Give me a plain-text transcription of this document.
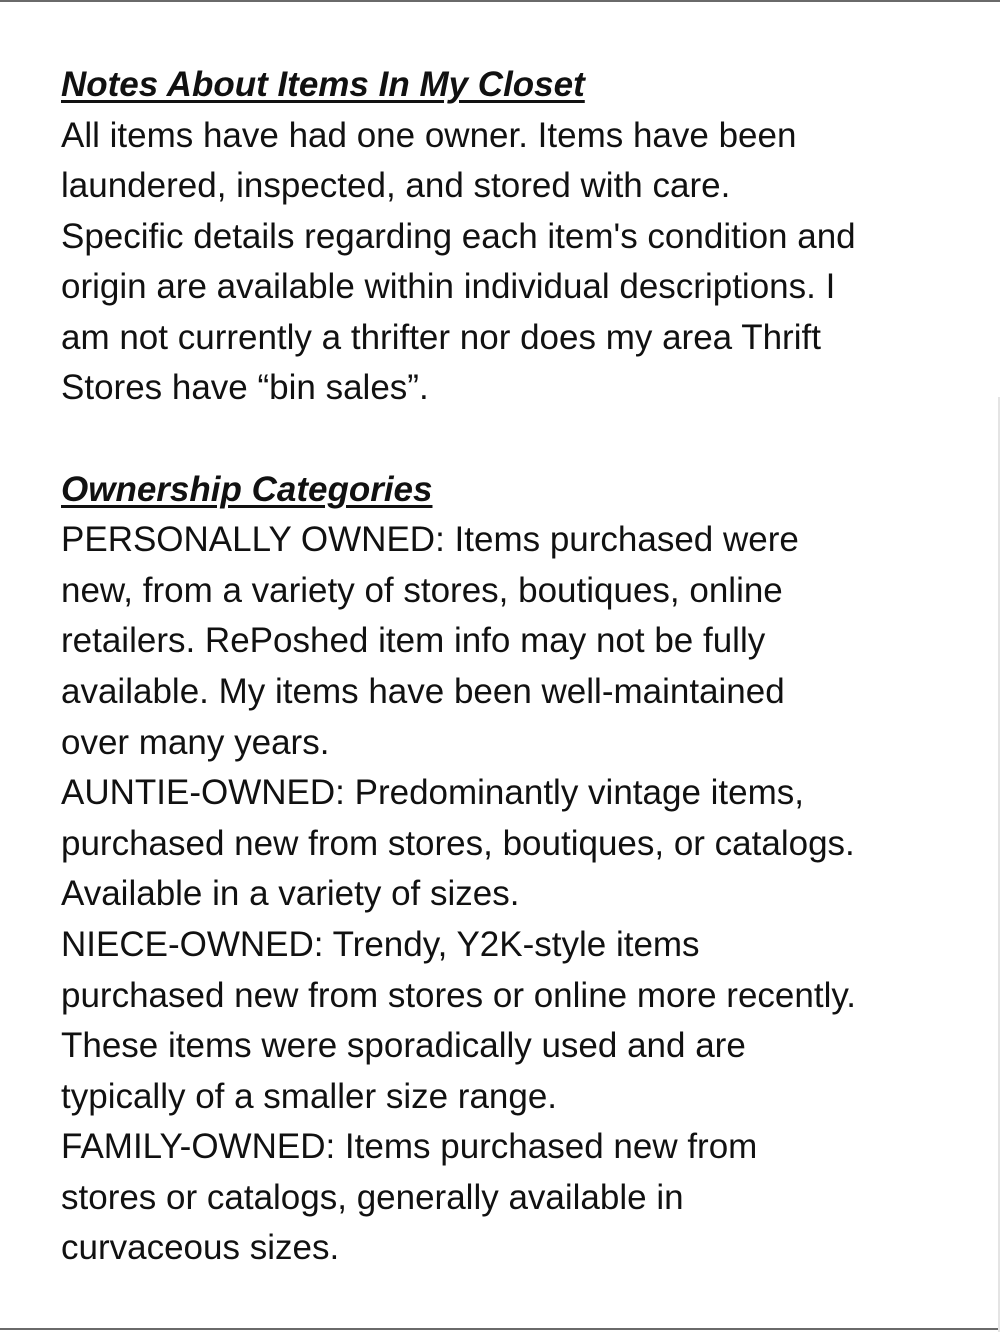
Notes About Items In My Closet
All items have had one owner. Items have been
laundered, inspected, and stored with care.
Specific details regarding each item's condition and
origin are available within individual descriptions. I
am not currently a thrifter nor does my area Thrift
Stores have “bin sales”.
Ownership Categories
PERSONALLY OWNED: Items purchased were
new, from a variety of stores, boutiques, online
retailers. RePoshed item info may not be fully
available. My items have been well-maintained
over many years.
AUNTIE-OWNED: Predominantly vintage items,
purchased new from stores, boutiques, or catalogs.
Available in a variety of sizes.
NIECE-OWNED: Trendy, Y2K-style items
purchased new from stores or online more recently.
These items were sporadically used and are
typically of a smaller size range.
FAMILY-OWNED: Items purchased new from
stores or catalogs, generally available in
curvaceous sizes.
